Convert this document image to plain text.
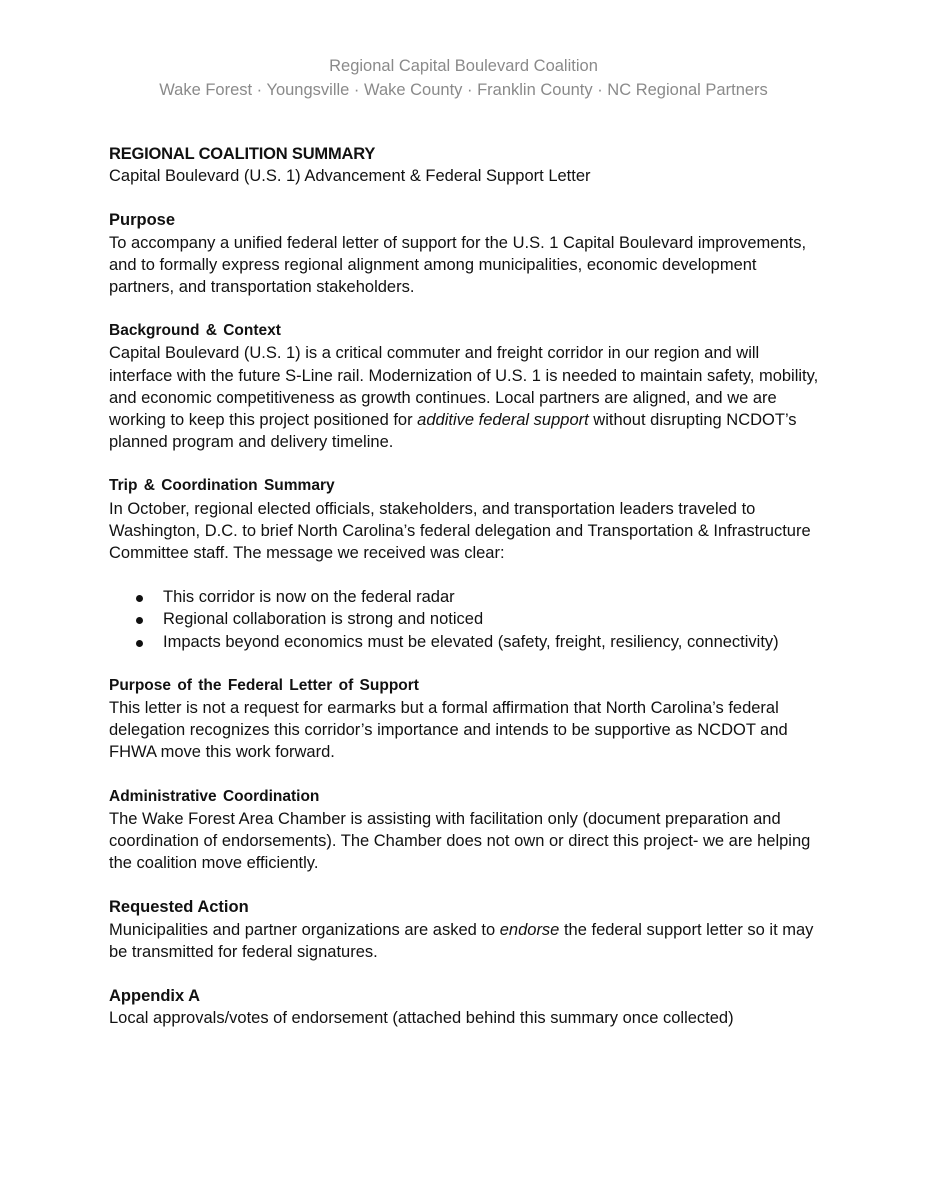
Regional Capital Boulevard Coalition
Wake Forest · Youngsville · Wake County · Franklin County · NC Regional Partners

REGIONAL COALITION SUMMARY

Capital Boulevard (U.S. 1) Advancement & Federal Support Letter

Purpose

To accompany a unified federal letter of support for the U.S. 1 Capital Boulevard improvements, and to formally express regional alignment among municipalities, economic development partners, and transportation stakeholders.

Background & Context

Capital Boulevard (U.S. 1) is a critical commuter and freight corridor in our region and will interface with the future S-Line rail. Modernization of U.S. 1 is needed to maintain safety, mobility, and economic competitiveness as growth continues. Local partners are aligned, and we are working to keep this project positioned for additive federal support without disrupting NCDOT’s planned program and delivery timeline.

Trip & Coordination Summary

In October, regional elected officials, stakeholders, and transportation leaders traveled to Washington, D.C. to brief North Carolina’s federal delegation and Transportation & Infrastructure Committee staff. The message we received was clear:

This corridor is now on the federal radar
Regional collaboration is strong and noticed
Impacts beyond economics must be elevated (safety, freight, resiliency, connectivity)

Purpose of the Federal Letter of Support

This letter is not a request for earmarks but a formal affirmation that North Carolina’s federal delegation recognizes this corridor’s importance and intends to be supportive as NCDOT and FHWA move this work forward.

Administrative Coordination

The Wake Forest Area Chamber is assisting with facilitation only (document preparation and coordination of endorsements). The Chamber does not own or direct this project- we are helping the coalition move efficiently.

Requested Action

Municipalities and partner organizations are asked to endorse the federal support letter so it may be transmitted for federal signatures.

Appendix A

Local approvals/votes of endorsement (attached behind this summary once collected)
